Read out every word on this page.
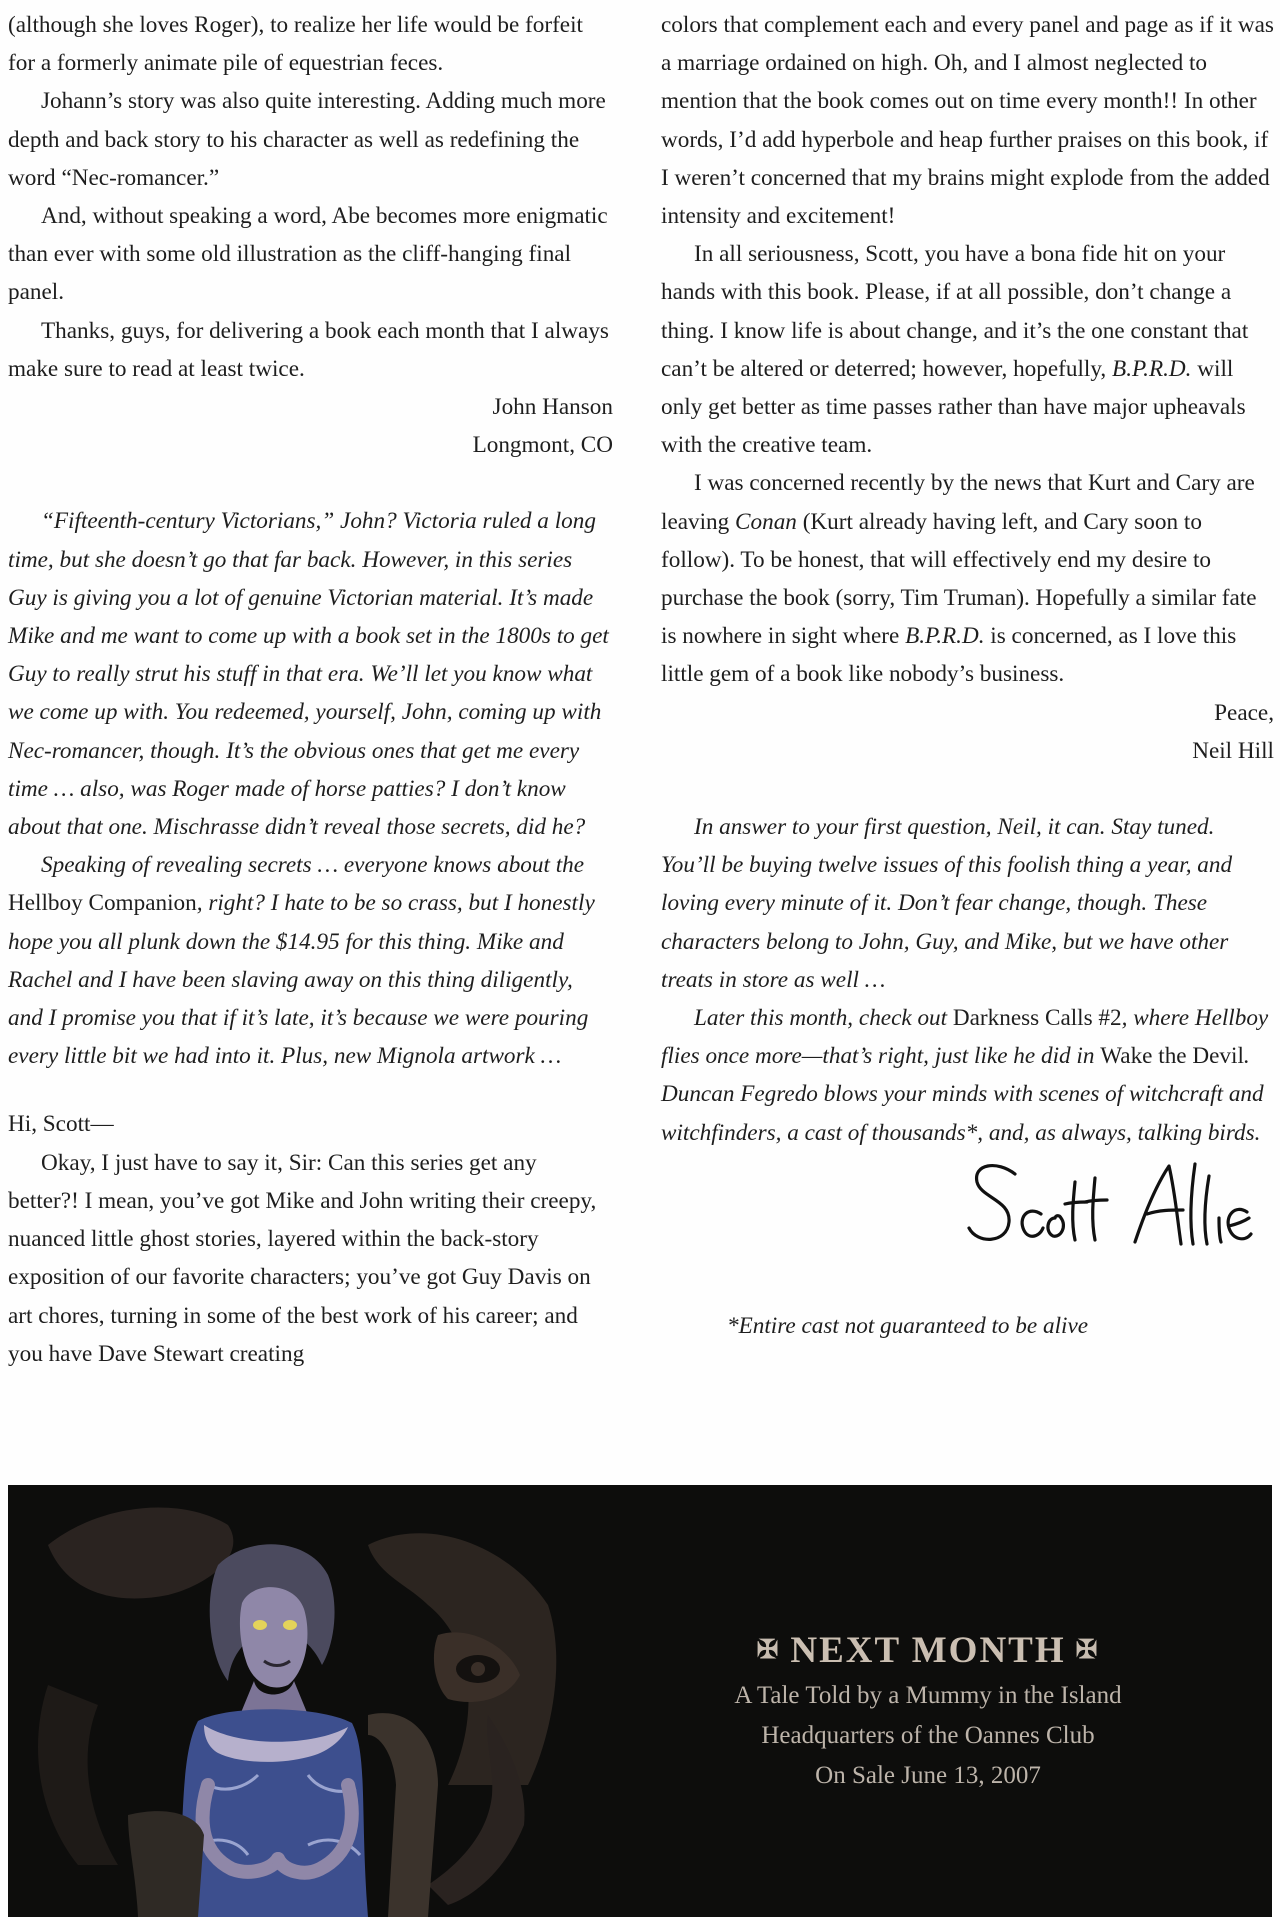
(although she loves Roger), to realize her life would be forfeit for a formerly animate pile of equestrian feces.

Johann’s story was also quite interesting. Adding much more depth and back story to his character as well as redefining the word “Nec-romancer.”

And, without speaking a word, Abe becomes more enigmatic than ever with some old illustration as the cliff-hanging final panel.

Thanks, guys, for delivering a book each month that I always make sure to read at least twice.

John Hanson

Longmont, CO

“Fifteenth-century Victorians,” John? Victoria ruled a long time, but she doesn’t go that far back. However, in this series Guy is giving you a lot of genuine Victorian material. It’s made Mike and me want to come up with a book set in the 1800s to get Guy to really strut his stuff in that era. We’ll let you know what we come up with. You redeemed, yourself, John, coming up with Nec-romancer, though. It’s the obvious ones that get me every time … also, was Roger made of horse patties? I don’t know about that one. Mischrasse didn’t reveal those secrets, did he?

Speaking of revealing secrets … everyone knows about the Hellboy Companion, right? I hate to be so crass, but I honestly hope you all plunk down the $14.95 for this thing. Mike and Rachel and I have been slaving away on this thing diligently, and I promise you that if it’s late, it’s because we were pouring every little bit we had into it. Plus, new Mignola artwork …

Hi, Scott—

Okay, I just have to say it, Sir: Can this series get any better?! I mean, you’ve got Mike and John writing their creepy, nuanced little ghost stories, layered within the back-story exposition of our favorite characters; you’ve got Guy Davis on art chores, turning in some of the best work of his career; and you have Dave Stewart creating

colors that complement each and every panel and page as if it was a marriage ordained on high. Oh, and I almost neglected to mention that the book comes out on time every month!! In other words, I’d add hyperbole and heap further praises on this book, if I weren’t concerned that my brains might explode from the added intensity and excitement!

In all seriousness, Scott, you have a bona fide hit on your hands with this book. Please, if at all possible, don’t change a thing. I know life is about change, and it’s the one constant that can’t be altered or deterred; however, hopefully, B.P.R.D. will only get better as time passes rather than have major upheavals with the creative team.

I was concerned recently by the news that Kurt and Cary are leaving Conan (Kurt already having left, and Cary soon to follow). To be honest, that will effectively end my desire to purchase the book (sorry, Tim Truman). Hopefully a similar fate is nowhere in sight where B.P.R.D. is concerned, as I love this little gem of a book like nobody’s business.

Peace,

Neil Hill

In answer to your first question, Neil, it can. Stay tuned. You’ll be buying twelve issues of this foolish thing a year, and loving every minute of it. Don’t fear change, though. These characters belong to John, Guy, and Mike, but we have other treats in store as well …

Later this month, check out Darkness Calls #2, where Hellboy flies once more—that’s right, just like he did in Wake the Devil. Duncan Fegredo blows your minds with scenes of witchcraft and witchfinders, a cast of thousands*, and, as always, talking birds.

*Entire cast not guaranteed to be alive

✠ NEXT MONTH ✠
A Tale Told by a Mummy in the Island
Headquarters of the Oannes Club
On Sale June 13, 2007
